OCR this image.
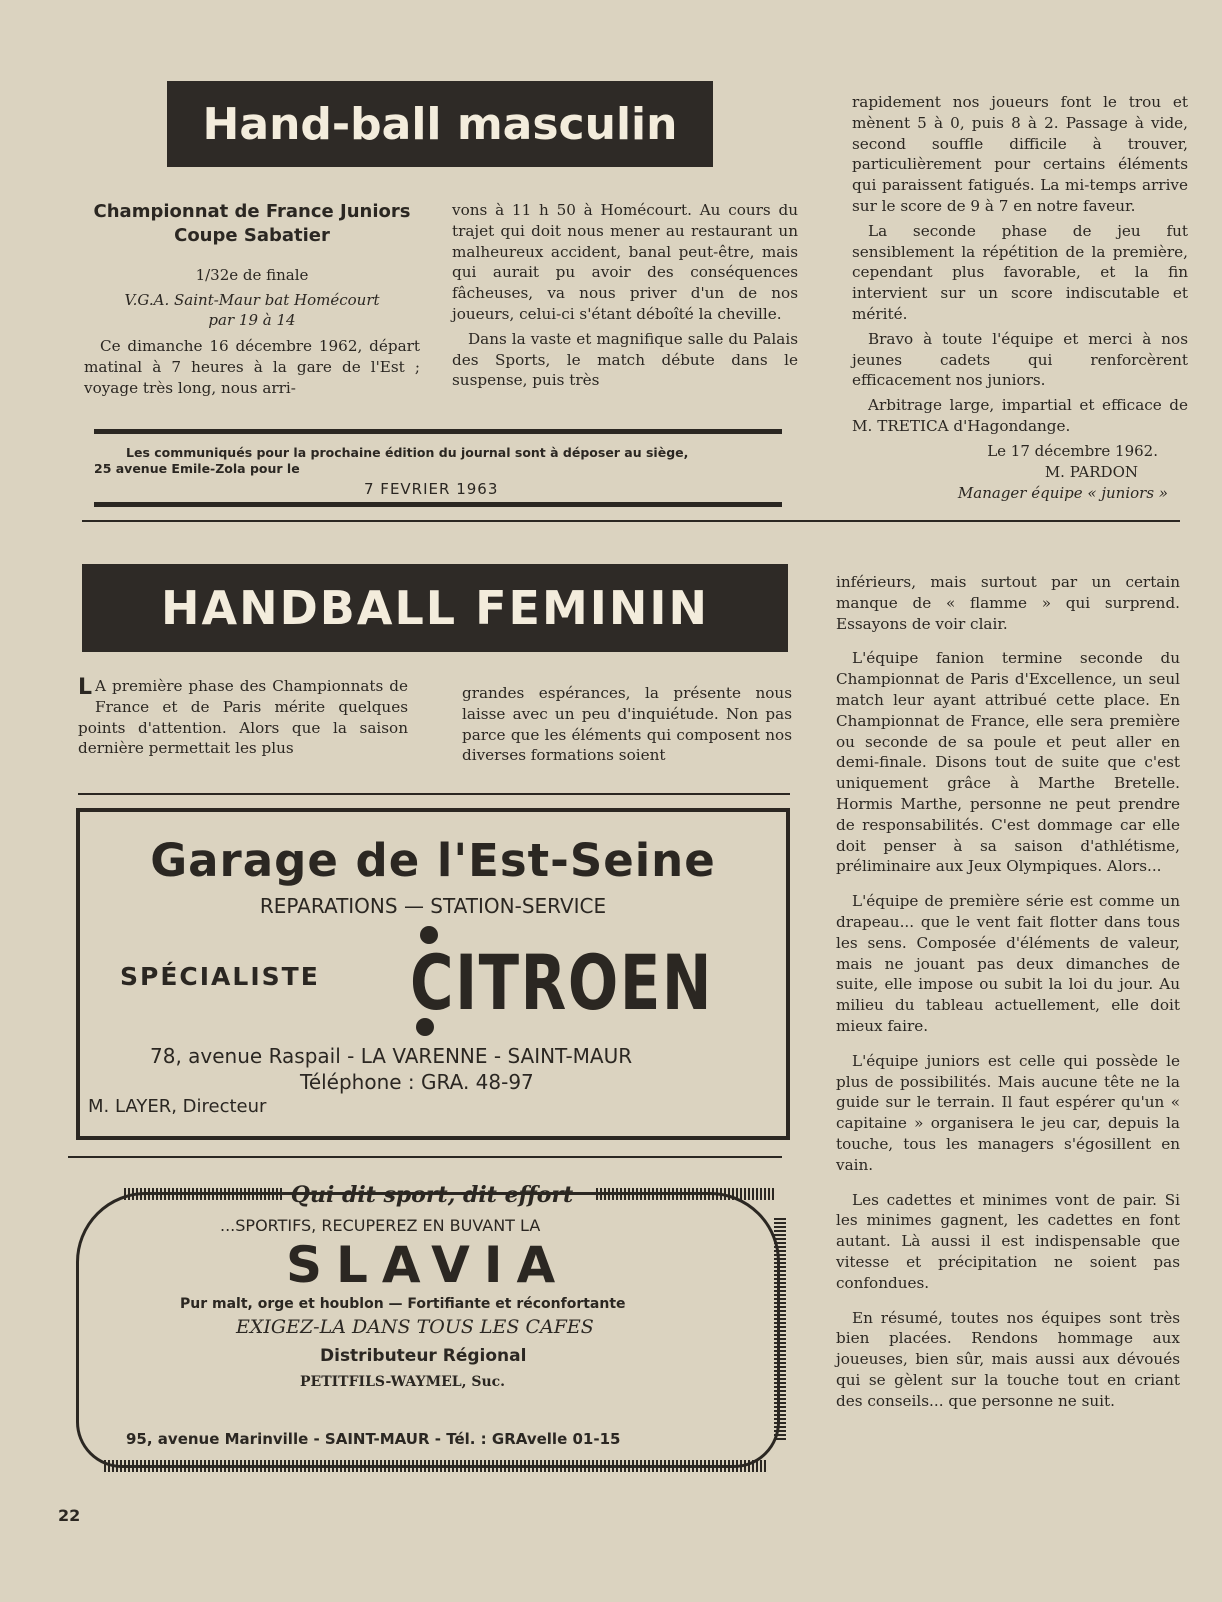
Hand-ball masculin
Championnat de France Juniors
Coupe Sabatier
1/32e de finale
V.G.A. Saint-Maur bat Homécourt
par 19 à 14

Ce dimanche 16 décembre 1962, départ matinal à 7 heures à la gare de l'Est ; voyage très long, nous arri-

vons à 11 h 50 à Homécourt. Au cours du trajet qui doit nous mener au restaurant un malheureux accident, banal peut-être, mais qui aurait pu avoir des conséquences fâcheuses, va nous priver d'un de nos joueurs, celui-ci s'étant déboîté la cheville.

Dans la vaste et magnifique salle du Palais des Sports, le match débute dans le suspense, puis très

rapidement nos joueurs font le trou et mènent 5 à 0, puis 8 à 2. Passage à vide, second souffle difficile à trouver, particulièrement pour certains éléments qui paraissent fatigués. La mi-temps arrive sur le score de 9 à 7 en notre faveur.

La seconde phase de jeu fut sensiblement la répétition de la première, cependant plus favorable, et la fin intervient sur un score indiscutable et mérité.

Bravo à toute l'équipe et merci à nos jeunes cadets qui renforcèrent efficacement nos juniors.

Arbitrage large, impartial et efficace de M. TRETICA d'Hagondange.

Le 17 décembre 1962.
M. PARDON
Manager équipe « juniors »
Les communiqués pour la prochaine édition du journal sont à déposer au siège,
25 avenue Emile-Zola pour le
7 FEVRIER 1963
HANDBALL FEMININ

L A première phase des Championnats de France et de Paris mérite quelques points d'attention. Alors que la saison dernière permettait les plus

grandes espérances, la présente nous laisse avec un peu d'inquiétude. Non pas parce que les éléments qui composent nos diverses formations soient

inférieurs, mais surtout par un certain manque de « flamme » qui surprend. Essayons de voir clair.

L'équipe fanion termine seconde du Championnat de Paris d'Excellence, un seul match leur ayant attribué cette place. En Championnat de France, elle sera première ou seconde de sa poule et peut aller en demi-finale. Disons tout de suite que c'est uniquement grâce à Marthe Bretelle. Hormis Marthe, personne ne peut prendre de responsabilités. C'est dommage car elle doit penser à sa saison d'athlétisme, préliminaire aux Jeux Olympiques. Alors...

L'équipe de première série est comme un drapeau... que le vent fait flotter dans tous les sens. Composée d'éléments de valeur, mais ne jouant pas deux dimanches de suite, elle impose ou subit la loi du jour. Au milieu du tableau actuellement, elle doit mieux faire.

L'équipe juniors est celle qui possède le plus de possibilités. Mais aucune tête ne la guide sur le terrain. Il faut espérer qu'un « capitaine » organisera le jeu car, depuis la touche, tous les managers s'égosillent en vain.

Les cadettes et minimes vont de pair. Si les minimes gagnent, les cadettes en font autant. Là aussi il est indispensable que vitesse et précipitation ne soient pas confondues.

En résumé, toutes nos équipes sont très bien placées. Rendons hommage aux joueuses, bien sûr, mais aussi aux dévoués qui se gèlent sur la touche tout en criant des conseils... que personne ne suit.

Garage de l'Est-Seine
REPARATIONS — STATION-SERVICE
SPÉCIALISTE CITROEN
78, avenue Raspail - LA VARENNE - SAINT-MAUR
Téléphone : GRA. 48-97
M. LAYER, Directeur
Qui dit sport, dit effort
...SPORTIFS, RECUPEREZ EN BUVANT LA
SLAVIA
Pur malt, orge et houblon — Fortifiante et réconfortante
EXIGEZ-LA DANS TOUS LES CAFES
Distributeur Régional
PETITFILS-WAYMEL, Suc.
95, avenue Marinville - SAINT-MAUR - Tél. : GRAvelle 01-15
22
